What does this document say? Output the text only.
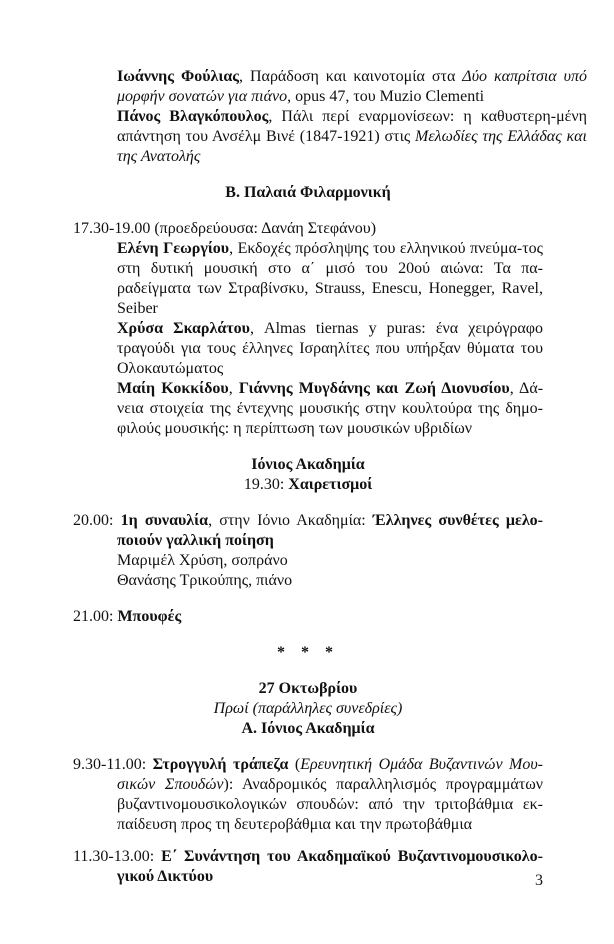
Ιωάννης Φούλιας, Παράδοση και καινοτομία στα Δύο καπρίτσια υπό μορφήν σονατών για πιάνο, opus 47, του Muzio Clementi

Πάνος Βλαγκόπουλος, Πάλι περί εναρμονίσεων: η καθυστερη-μένη απάντηση του Ανσέλμ Βινέ (1847-1921) στις Μελωδίες της Ελλάδας και της Ανατολής

Β. Παλαιά Φιλαρμονική

17.30-19.00 (προεδρεύουσα: Δανάη Στεφάνου)

Ελένη Γεωργίου, Εκδοχές πρόσληψης του ελληνικού πνεύμα-τος στη δυτική μουσική στο α΄ μισό του 20ού αιώνα: Τα πα-ραδείγματα των Στραβίνσκυ, Strauss, Enescu, Honegger, Ravel, Seiber

Χρύσα Σκαρλάτου, Almas tiernas y puras: ένα χειρόγραφο τραγούδι για τους έλληνες Ισραηλίτες που υπήρξαν θύματα του Ολοκαυτώματος

Μαίη Κοκκίδου, Γιάννης Μυγδάνης και Ζωή Διονυσίου, Δά-νεια στοιχεία της έντεχνης μουσικής στην κουλτούρα της δημο-φιλούς μουσικής: η περίπτωση των μουσικών υβριδίων

Ιόνιος Ακαδημία
19.30: Χαιρετισμοί

20.00: 1η συναυλία, στην Ιόνιο Ακαδημία: Έλληνες συνθέτες μελο-ποιούν γαλλική ποίηση

Μαριμέλ Χρύση, σοπράνο

Θανάσης Τρικούπης, πιάνο

21.00: Μπουφές
* * *
27 Οκτωβρίου
Πρωί (παράλληλες συνεδρίες)
Α. Ιόνιος Ακαδημία

9.30-11.00: Στρογγυλή τράπεζα (Ερευνητική Ομάδα Βυζαντινών Μου-σικών Σπουδών): Αναδρομικός παραλληλισμός προγραμμάτων βυζαντινομουσικολογικών σπουδών: από την τριτοβάθμια εκ-παίδευση προς τη δευτεροβάθμια και την πρωτοβάθμια

11.30-13.00: Ε΄ Συνάντηση του Ακαδημαϊκού Βυζαντινομουσικολο-γικού Δικτύου	3
